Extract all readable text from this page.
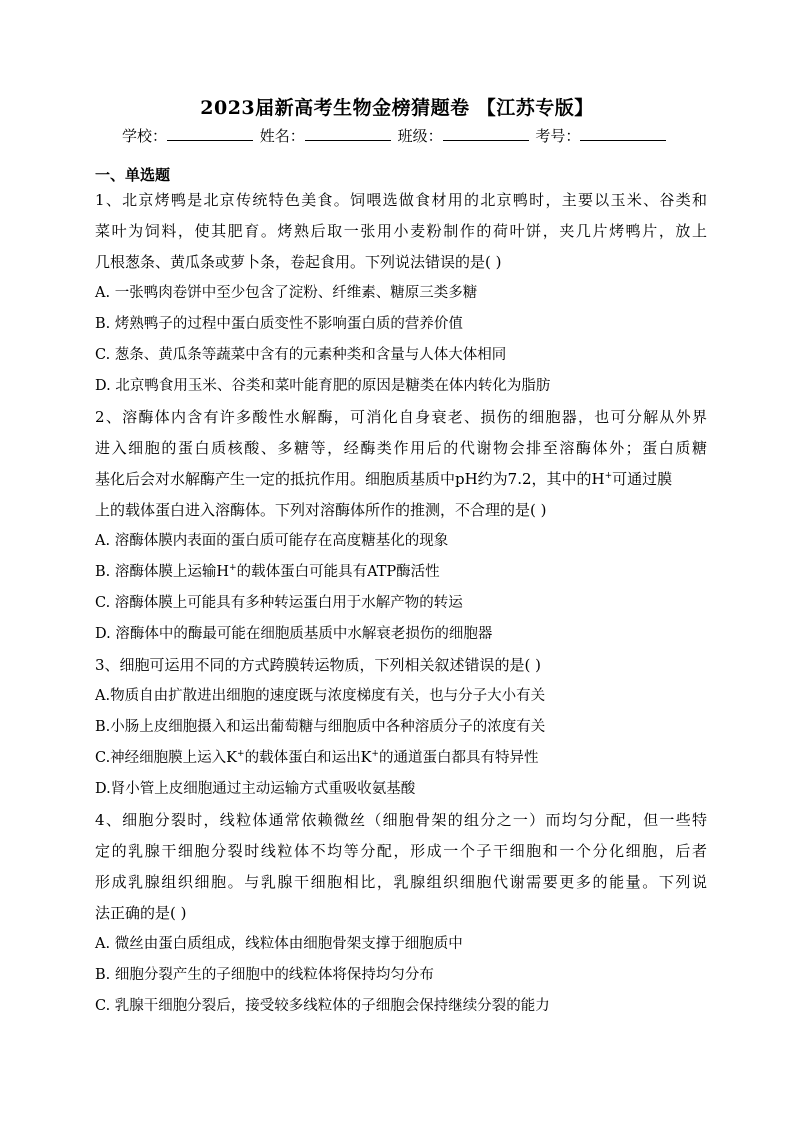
2023届新高考生物金榜猜题卷 【江苏专版】
学校：	姓名：	班级：	考号：
一、单选题
1、北京烤鸭是北京传统特色美食。饲喂选做食材用的北京鸭时，主要以玉米、谷类和
菜叶为饲料，使其肥育。烤熟后取一张用小麦粉制作的荷叶饼，夹几片烤鸭片，放上
几根葱条、黄瓜条或萝卜条，卷起食用。下列说法错误的是( )
A. 一张鸭肉卷饼中至少包含了淀粉、纤维素、糖原三类多糖
B. 烤熟鸭子的过程中蛋白质变性不影响蛋白质的营养价值
C. 葱条、黄瓜条等蔬菜中含有的元素种类和含量与人体大体相同
D. 北京鸭食用玉米、谷类和菜叶能育肥的原因是糖类在体内转化为脂肪
2、溶酶体内含有许多酸性水解酶，可消化自身衰老、损伤的细胞器，也可分解从外界
进入细胞的蛋白质核酸、多糖等，经酶类作用后的代谢物会排至溶酶体外；蛋白质糖
基化后会对水解酶产生一定的抵抗作用。细胞质基质中pH约为7.2，其中的H+可通过膜
上的载体蛋白进入溶酶体。下列对溶酶体所作的推测，不合理的是( )
A. 溶酶体膜内表面的蛋白质可能存在高度糖基化的现象
B. 溶酶体膜上运输H+的载体蛋白可能具有ATP酶活性
C. 溶酶体膜上可能具有多种转运蛋白用于水解产物的转运
D. 溶酶体中的酶最可能在细胞质基质中水解衰老损伤的细胞器
3、细胞可运用不同的方式跨膜转运物质，下列相关叙述错误的是( )
A.物质自由扩散进出细胞的速度既与浓度梯度有关，也与分子大小有关
B.小肠上皮细胞摄入和运出葡萄糖与细胞质中各种溶质分子的浓度有关
C.神经细胞膜上运入K+的载体蛋白和运出K+的通道蛋白都具有特异性
D.肾小管上皮细胞通过主动运输方式重吸收氨基酸
4、细胞分裂时，线粒体通常依赖微丝（细胞骨架的组分之一）而均匀分配，但一些特
定的乳腺干细胞分裂时线粒体不均等分配，形成一个子干细胞和一个分化细胞，后者
形成乳腺组织细胞。与乳腺干细胞相比，乳腺组织细胞代谢需要更多的能量。下列说
法正确的是( )
A. 微丝由蛋白质组成，线粒体由细胞骨架支撑于细胞质中
B. 细胞分裂产生的子细胞中的线粒体将保持均匀分布
C. 乳腺干细胞分裂后，接受较多线粒体的子细胞会保持继续分裂的能力
